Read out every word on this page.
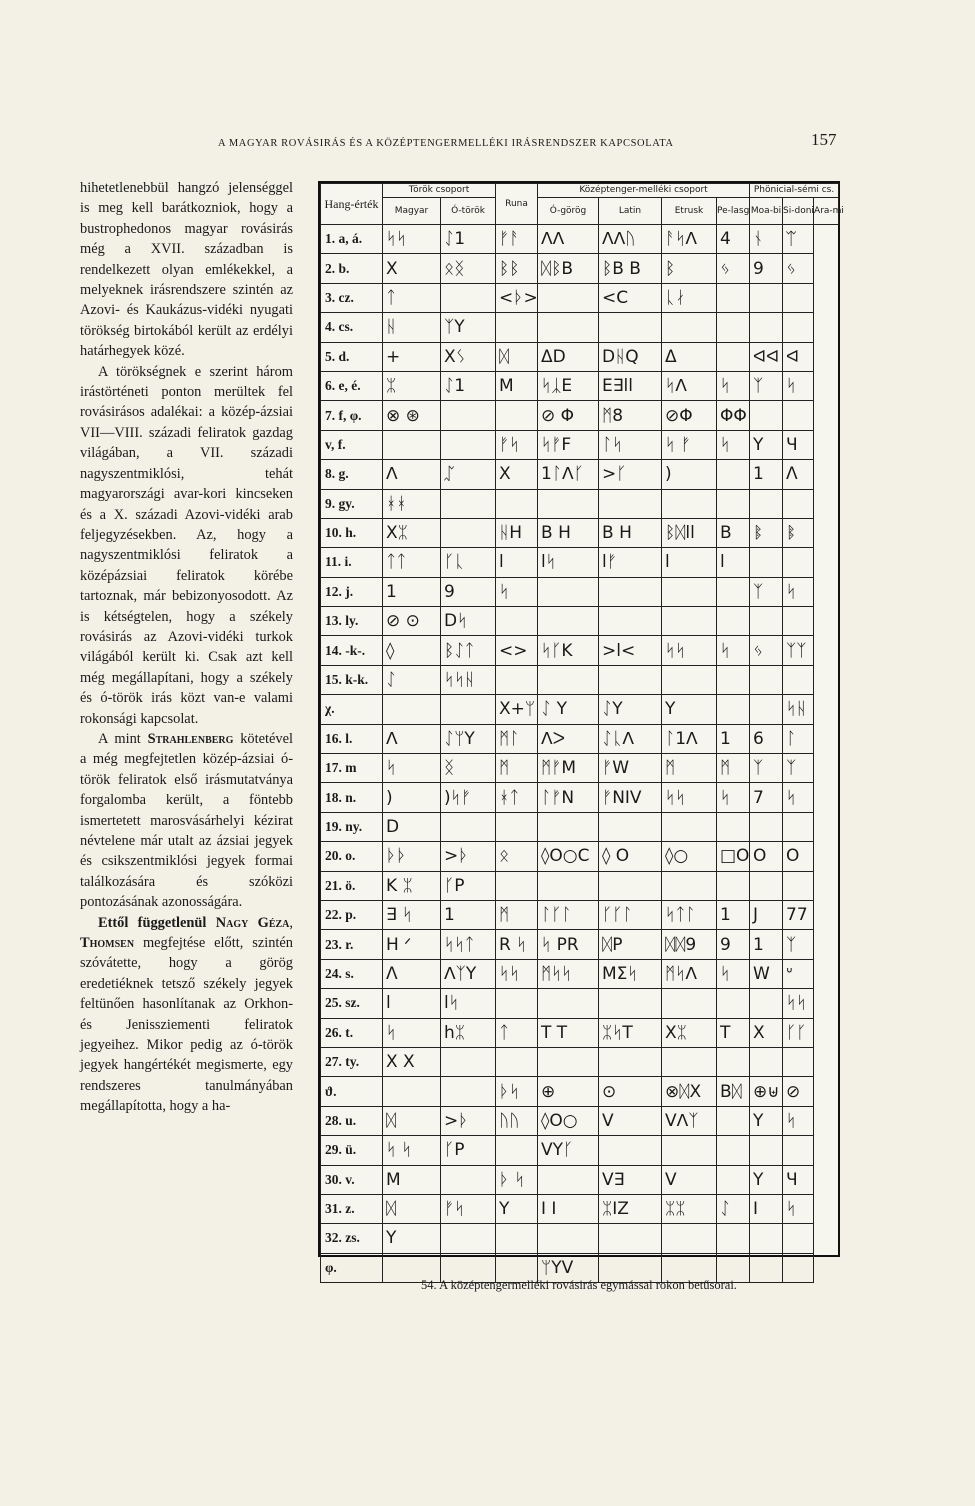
A MAGYAR ROVÁSIRÁS ÉS A KÖZÉPTENGERMELLÉKI IRÁSRENDSZER KAPCSOLATA	157

hihetetlenebbül hangzó jelenséggel is meg kell barátkozniok, hogy a bustrophedonos magyar rovásirás még a XVII. században is rendelkezett olyan emlékekkel, a melyeknek irásrendszere szintén az Azovi- és Kaukázus-vidéki nyugati törökség birtokából került az erdélyi határhegyek közé.

A törökségnek e szerint három irástörténeti ponton merültek fel rovásirásos adalékai: a közép-ázsiai VII—VIII. századi feliratok gazdag világában, a VII. századi nagyszentmiklósi, tehát magyarországi avar-kori kincseken és a X. századi Azovi-vidéki arab feljegyzésekben. Az, hogy a nagyszentmiklósi feliratok a középázsiai feliratok körébe tartoznak, már bebizonyosodott. Az is kétségtelen, hogy a székely rovásirás az Azovi-vidéki turkok világából került ki. Csak azt kell még megállapítani, hogy a székely és ó-török irás közt van-e valami rokonsági kapcsolat.

A mint Strahlenberg kötetével a még megfejtetlen közép-ázsiai ó-török feliratok első irásmutatványa forgalomba került, a föntebb ismertetett marosvásárhelyi kézirat névtelene már utalt az ázsiai jegyek és csikszentmiklósi jegyek formai találkozására és szóközi pontozásának azonosságára.

Ettől függetlenül Nagy Géza, Thomsen megfejtése előtt, szintén szóvátette, hogy a görög eredetiéknek tetsző székely jegyek feltünően hasonlítanak az Orkhon- és Jenissziementi feliratok jegyeihez. Mikor pedig az ó-török jegyek hangértékét megismerte, egy rendszeres tanulmányában megállapította, hogy a ha-

Hang-érték	Török csoport		Runa	Középtenger-melléki csoport				Phönicial-sémi cs.		
	Magyar	Ó-török		Ó-görög	Latin	Etrusk	Pe-lasg	Moa-bi	Si-doni	Ara-mi
1. a, á.	ᛋᛋ	ᛇ1	ᚠᚨ	ᐱᐱ	ᐱᐱᚢ	ᚨᛋᐱ	4	ᚾ	ᛠ	
2. b.	X	ᛟᛝ	ᛒᛒ	ᛞᛒB	ᛒB B	ᛒ	ᛃ	9	ᛃ	
3. cz.	ᛏ		<ᚦ>		<C	ᚳᛅ				
4. cs.	ᚺ	ᛉY								
5. d.	+	Xᛊ	ᛞ	ΔD	DᚺQ	Δ		ᐊᐊ	ᐊ	
6. e, é.	ᛯ	ᛇ1	M	ᛋᛣE	E∃ll	ᛋᐱ	ᛋ	ᛉ	ᛋ	
7. f, φ.	⊗ ⊛			⊘ Φ	ᛗ8	⊘Φ	ΦΦ			
v, f.			ᚠᛋ	ᛋᚠF	ᛚᛋ	ᛋ ᚠ	ᛋ	Y	Ч	
8. g.	ᐱ	ᛢ	X	1ᛚᐱᚴ	>ᚴ	)		1	Λ	
9. gy.	ᚼᚼ									
10. h.	Xᛯ		ᚺH	B H	B H	ᛒᛞll	B	ᛔ	ᛔ	
11. i.	ᛏᛏ	ᚴᚳ	l	lᛋ	lᚠ	l	l			
12. j.	1	9	ᛋ					ᛉ	ᛋ	
13. ly.	⊘ ⊙	Dᛋ								
14. -k-.	◊	ᛒᛇᛏ	<>	ᛋᚴK	>l<	ᛋᛋ	ᛋ	ᛃ	ᛉᛉ	
15. k-k.	ᛇ	ᛋᛋᚺ								
χ.			X+ᛘ	ᛇ Y	ᛇY	Y			ᛋᚺ	
16. l.	ᐱ	ᛇᛘY	ᛗᛚ	ᐱᐳ	ᛇᚳᐱ	ᛚ1ᐱ	1	6	ᛚ	
17. m	ᛋ	ᛝ	ᛗ	ᛗᚠM	ᚠW	ᛗ	ᛗ	ᛉ	ᛉ	
18. n.	)	)ᛋᚠ	ᚼᛏ	ᛚᚠN	ᚠNIV	ᛋᛋ	ᛋ	7	ᛋ	
19. ny.	D									
20. o.	ᚦᚦ	>ᚦ	ᛟ	◊O○C	◊ O	◊○	□O	O	O	
21. ö.	K ᛯ	ᚴP								
22. p.	∃ ᛋ	1	ᛗ	ᛚᚴᛚ	ᚴᚴᛚ	ᛋᛏᛚ	1	J	77	
23. r.	H ᐟ	ᛋᛋᛏ	R ᛋ	ᛋ PR	ᛞP	ᛞᛞ9	9	1	ᛉ	
24. s.	Λ	ᐱᛉY	ᛋᛋ	ᛗᛋᛋ	MΣᛋ	ᛗᛋᐱ	ᛋ	W	ᐡ	
25. sz.	l	lᛋ							ᛋᛋ	
26. t.	ᛋ	hᛯ	ᛏ	T T	ᛯᛋT	Xᛯ	T	X	ᚴᚴ	
27. ty.	X X									
ϑ.			ᚦᛋ	⊕	⊙	⊗ᛞX	Bᛞ	⊕⊎	⊘	
28. u.	ᛞ	>ᚦ	ᚢᚢ	◊O○	V	Vᐱᛉ		Y	ᛋ	
29. ü.	ᛋ ᛋ	ᚴP		VYᚴ						
30. v.	M		ᚦ ᛋ		V∃	V		Y	Ч	
31. z.	ᛞ	ᚠᛋ	Y	I I	ᛯIZ	ᛯᛯ	ᛇ	I	ᛋ	
32. zs.	Y									
φ.				ᛘYV						
54. A középtengermelléki rovásirás egymással rokon betűsorai.
